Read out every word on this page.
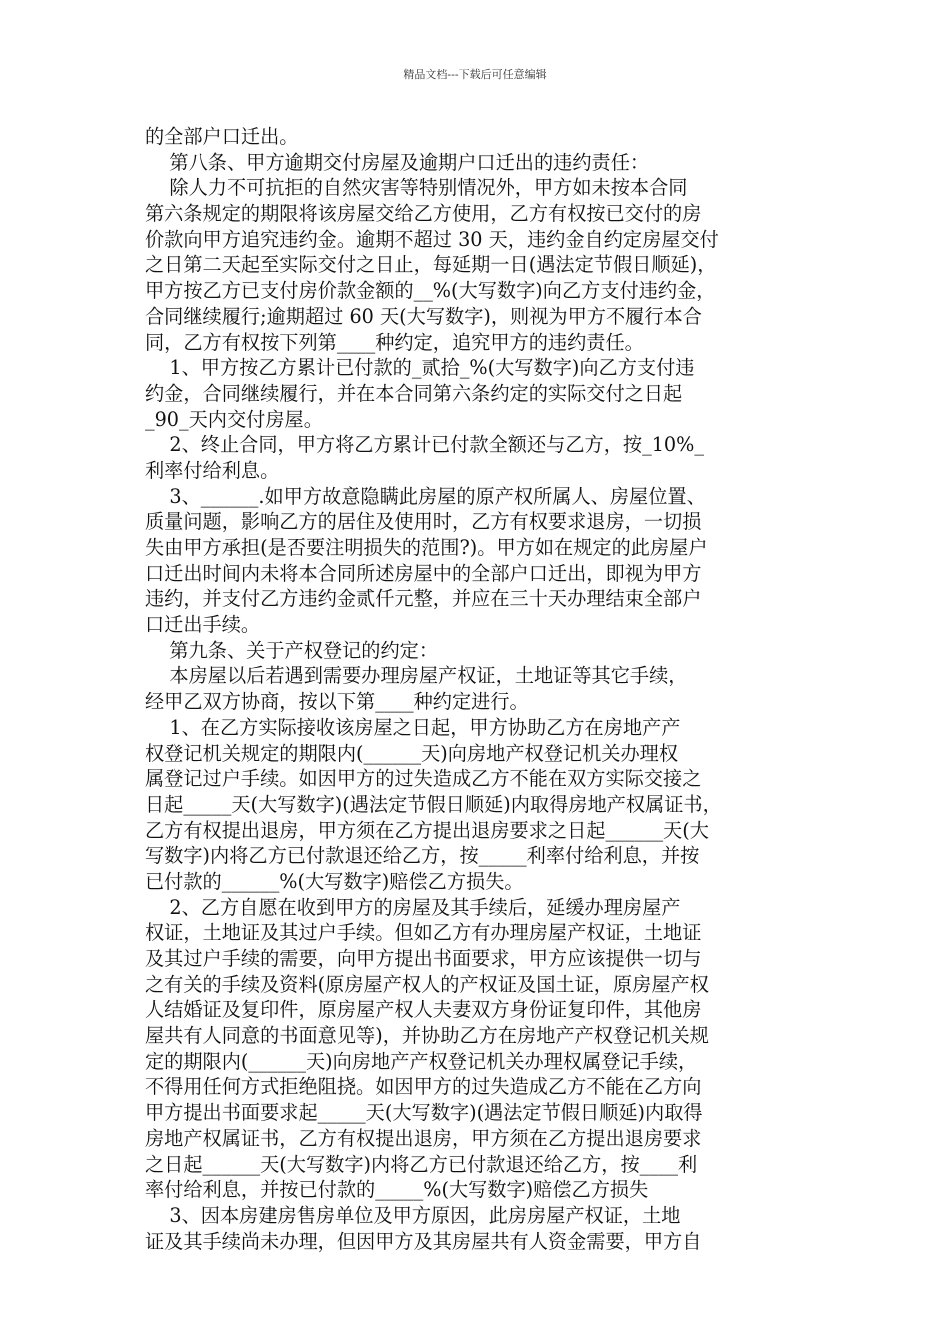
精品文档---下载后可任意编辑
的全部户口迁出。
第八条、甲方逾期交付房屋及逾期户口迁出的违约责任：
除人力不可抗拒的自然灾害等特别情况外，甲方如未按本合同
第六条规定的期限将该房屋交给乙方使用，乙方有权按已交付的房
价款向甲方追究违约金。逾期不超过 30 天，违约金自约定房屋交付
之日第二天起至实际交付之日止，每延期一日(遇法定节假日顺延)，
甲方按乙方已支付房价款金额的__%(大写数字)向乙方支付违约金，
合同继续履行;逾期超过 60 天(大写数字)，则视为甲方不履行本合
同，乙方有权按下列第____种约定，追究甲方的违约责任。
1、甲方按乙方累计已付款的_贰拾_%(大写数字)向乙方支付违
约金，合同继续履行，并在本合同第六条约定的实际交付之日起
_90_天内交付房屋。
2、终止合同，甲方将乙方累计已付款全额还与乙方，按_10%_
利率付给利息。
3、______.如甲方故意隐瞒此房屋的原产权所属人、房屋位置、
质量问题，影响乙方的居住及使用时，乙方有权要求退房，一切损
失由甲方承担(是否要注明损失的范围?)。甲方如在规定的此房屋户
口迁出时间内未将本合同所述房屋中的全部户口迁出，即视为甲方
违约，并支付乙方违约金贰仟元整，并应在三十天办理结束全部户
口迁出手续。
第九条、关于产权登记的约定：
本房屋以后若遇到需要办理房屋产权证，土地证等其它手续，
经甲乙双方协商，按以下第____种约定进行。
1、在乙方实际接收该房屋之日起，甲方协助乙方在房地产产
权登记机关规定的期限内(______天)向房地产权登记机关办理权
属登记过户手续。如因甲方的过失造成乙方不能在双方实际交接之
日起_____天(大写数字)(遇法定节假日顺延)内取得房地产权属证书，
乙方有权提出退房，甲方须在乙方提出退房要求之日起______天(大
写数字)内将乙方已付款退还给乙方，按_____利率付给利息，并按
已付款的______%(大写数字)赔偿乙方损失。
2、乙方自愿在收到甲方的房屋及其手续后，延缓办理房屋产
权证，土地证及其过户手续。但如乙方有办理房屋产权证，土地证
及其过户手续的需要，向甲方提出书面要求，甲方应该提供一切与
之有关的手续及资料(原房屋产权人的产权证及国土证，原房屋产权
人结婚证及复印件，原房屋产权人夫妻双方身份证复印件，其他房
屋共有人同意的书面意见等)，并协助乙方在房地产产权登记机关规
定的期限内(______天)向房地产产权登记机关办理权属登记手续，
不得用任何方式拒绝阻挠。如因甲方的过失造成乙方不能在乙方向
甲方提出书面要求起_____天(大写数字)(遇法定节假日顺延)内取得
房地产权属证书，乙方有权提出退房，甲方须在乙方提出退房要求
之日起______天(大写数字)内将乙方已付款退还给乙方，按____利
率付给利息，并按已付款的_____%(大写数字)赔偿乙方损失
3、因本房建房售房单位及甲方原因，此房房屋产权证，土地
证及其手续尚未办理，但因甲方及其房屋共有人资金需要，甲方自
